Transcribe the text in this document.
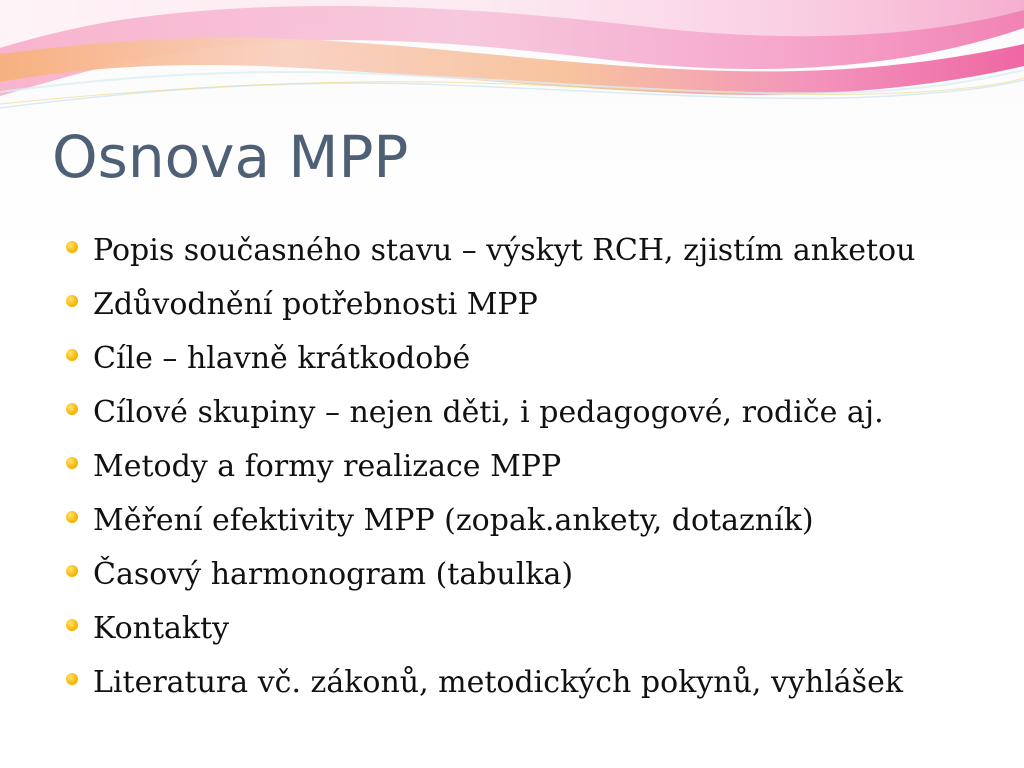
Osnova MPP
Popis současného stavu – výskyt RCH, zjistím anketou
Zdůvodnění potřebnosti MPP
Cíle – hlavně krátkodobé
Cílové skupiny – nejen děti, i pedagogové, rodiče aj.
Metody a formy realizace MPP
Měření efektivity MPP (zopak.ankety, dotazník)
Časový harmonogram (tabulka)
Kontakty
Literatura vč. zákonů, metodických pokynů, vyhlášek
